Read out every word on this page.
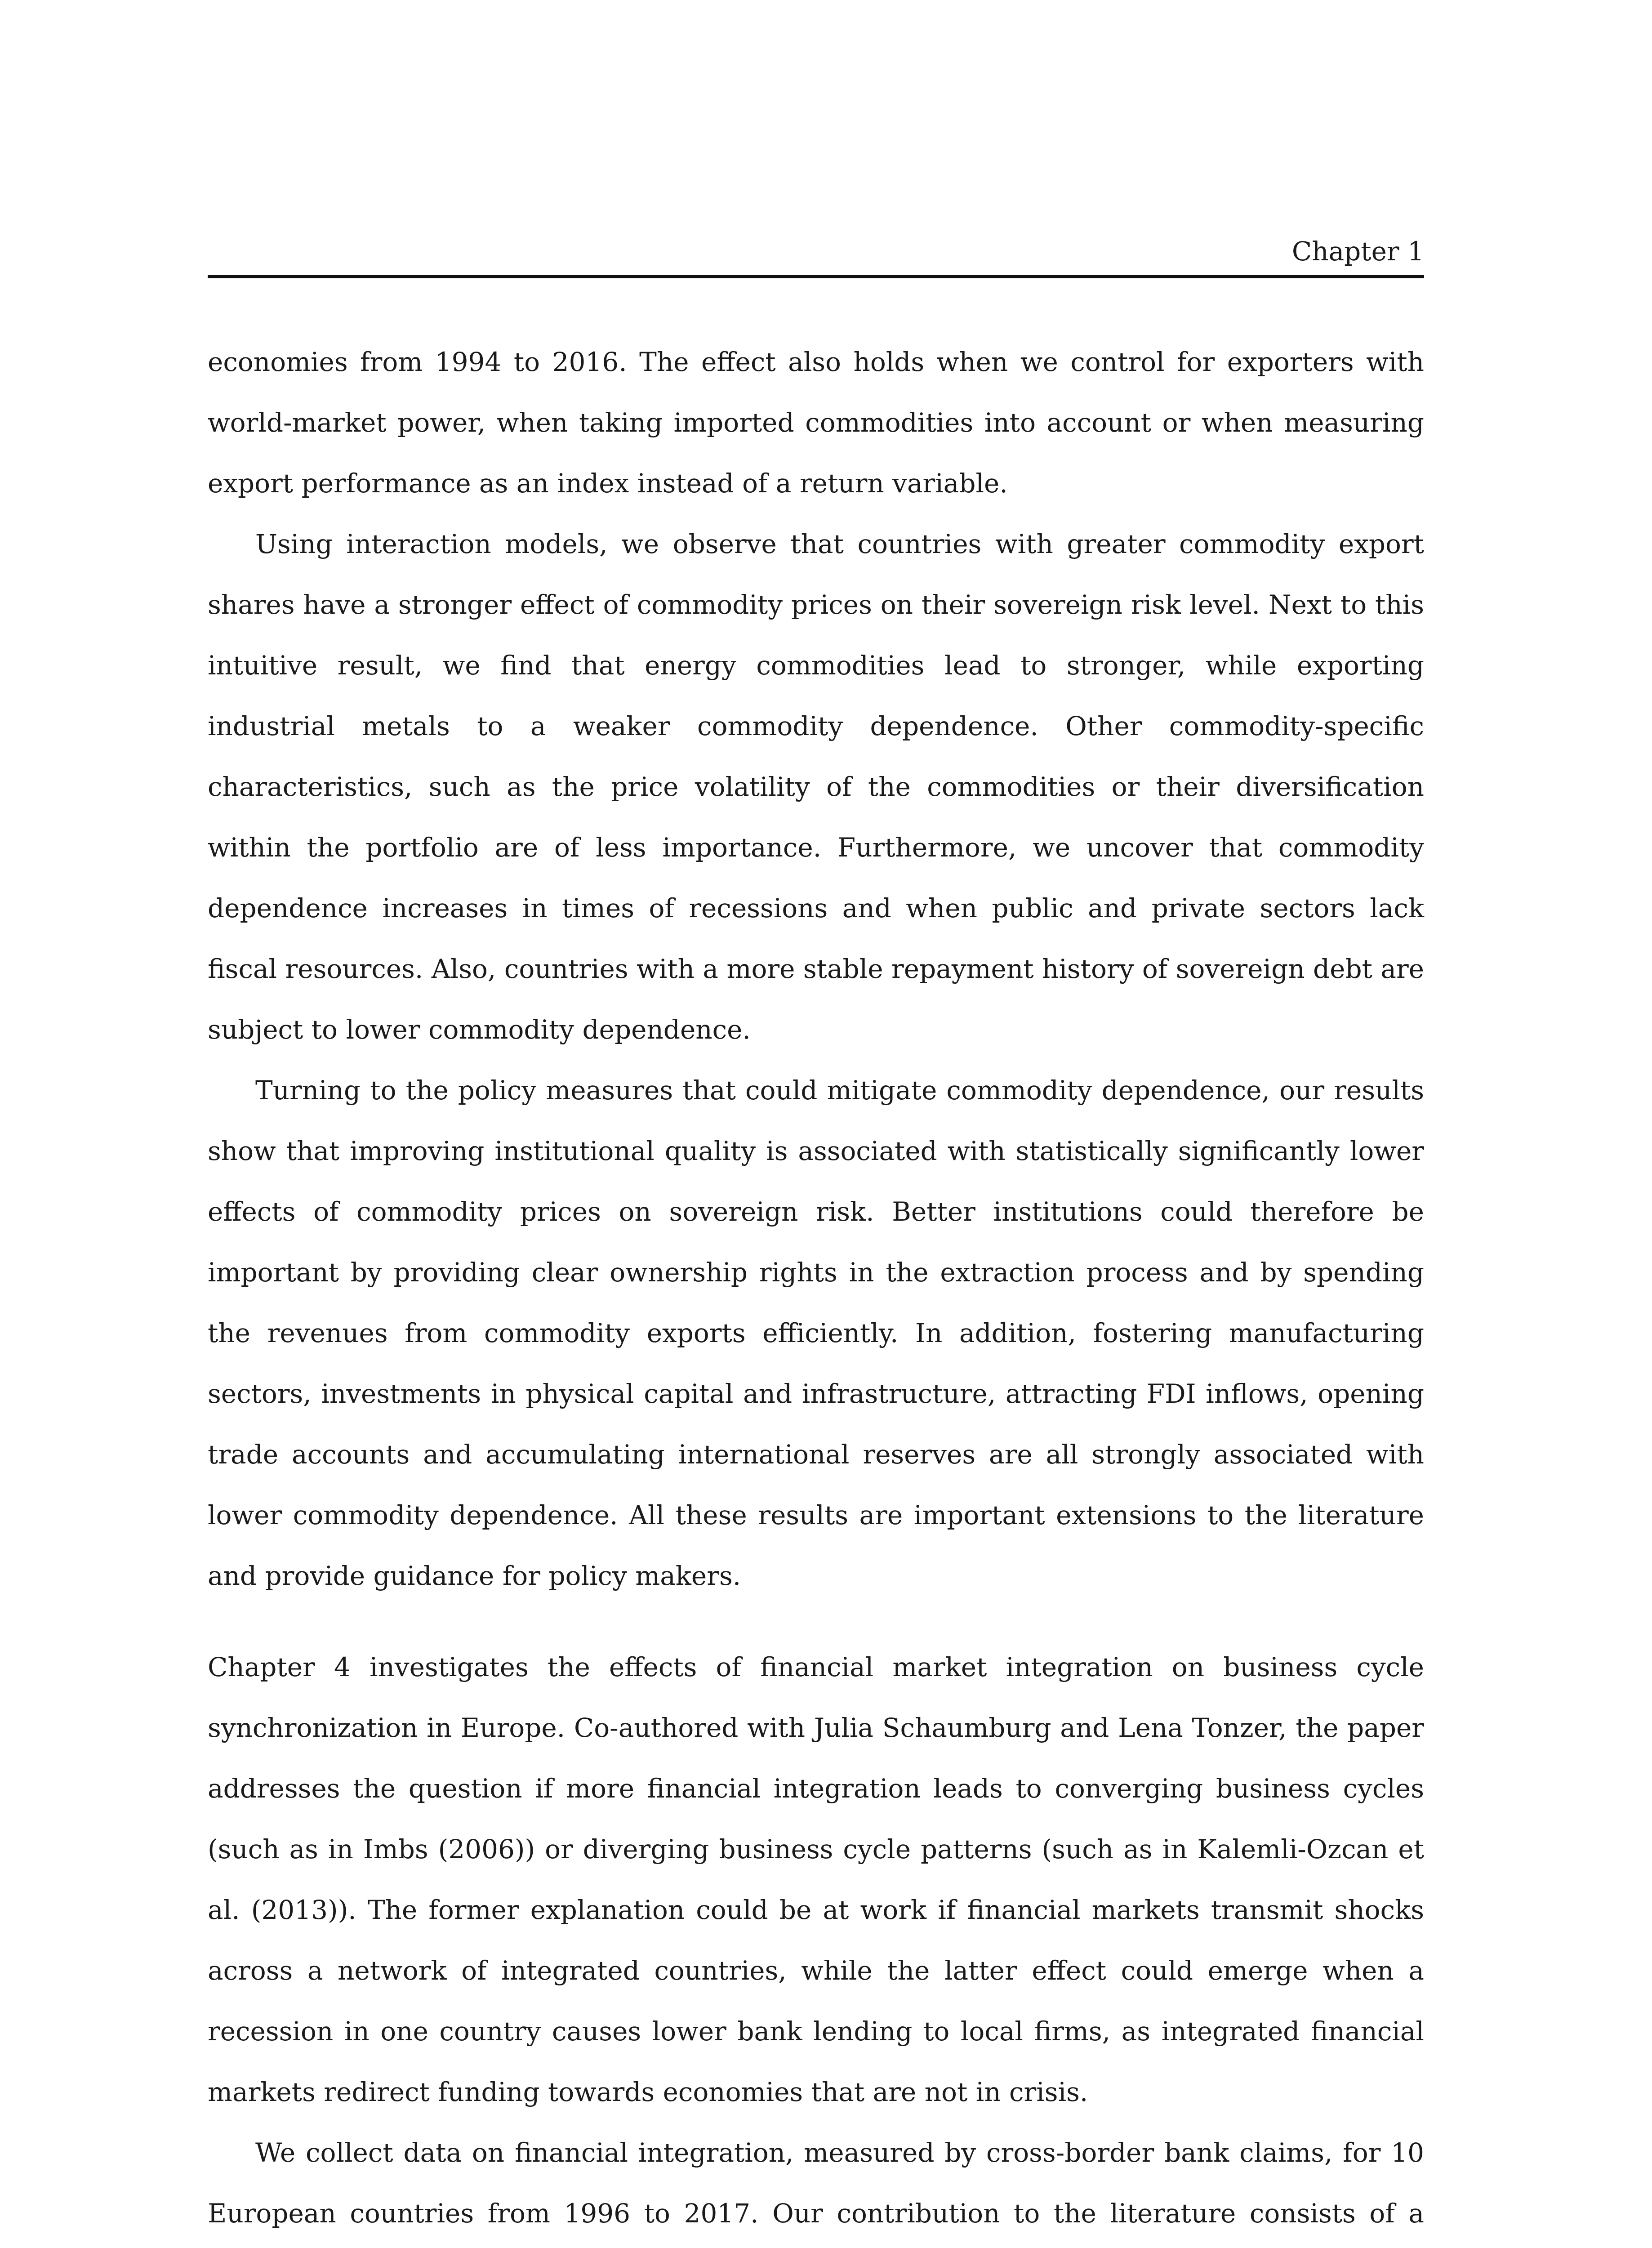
Chapter 1

economies from 1994 to 2016. The effect also holds when we control for exporters with world-market power, when taking imported commodities into account or when measuring export performance as an index instead of a return variable.

Using interaction models, we observe that countries with greater commodity export shares have a stronger effect of commodity prices on their sovereign risk level. Next to this intuitive result, we find that energy commodities lead to stronger, while exporting industrial metals to a weaker commodity dependence. Other commodity-specific characteristics, such as the price volatility of the commodities or their diversification within the portfolio are of less importance. Furthermore, we uncover that commodity dependence increases in times of recessions and when public and private sectors lack fiscal resources. Also, countries with a more stable repayment history of sovereign debt are subject to lower commodity dependence.

Turning to the policy measures that could mitigate commodity dependence, our results show that improving institutional quality is associated with statistically significantly lower effects of commodity prices on sovereign risk. Better institutions could therefore be important by providing clear ownership rights in the extraction process and by spending the revenues from commodity exports efficiently. In addition, fostering manufacturing sectors, investments in physical capital and infrastructure, attracting FDI inflows, opening trade accounts and accumulating international reserves are all strongly associated with lower commodity dependence. All these results are important extensions to the literature and provide guidance for policy makers.

Chapter 4 investigates the effects of financial market integration on business cycle synchronization in Europe. Co-authored with Julia Schaumburg and Lena Tonzer, the paper addresses the question if more financial integration leads to converging business cycles (such as in Imbs (2006)) or diverging business cycle patterns (such as in Kalemli-Ozcan et al. (2013)). The former explanation could be at work if financial markets transmit shocks across a network of integrated countries, while the latter effect could emerge when a recession in one country causes lower bank lending to local firms, as integrated financial markets redirect funding towards economies that are not in crisis.

We collect data on financial integration, measured by cross-border bank claims, for 10 European countries from 1996 to 2017. Our contribution to the literature consists of a
